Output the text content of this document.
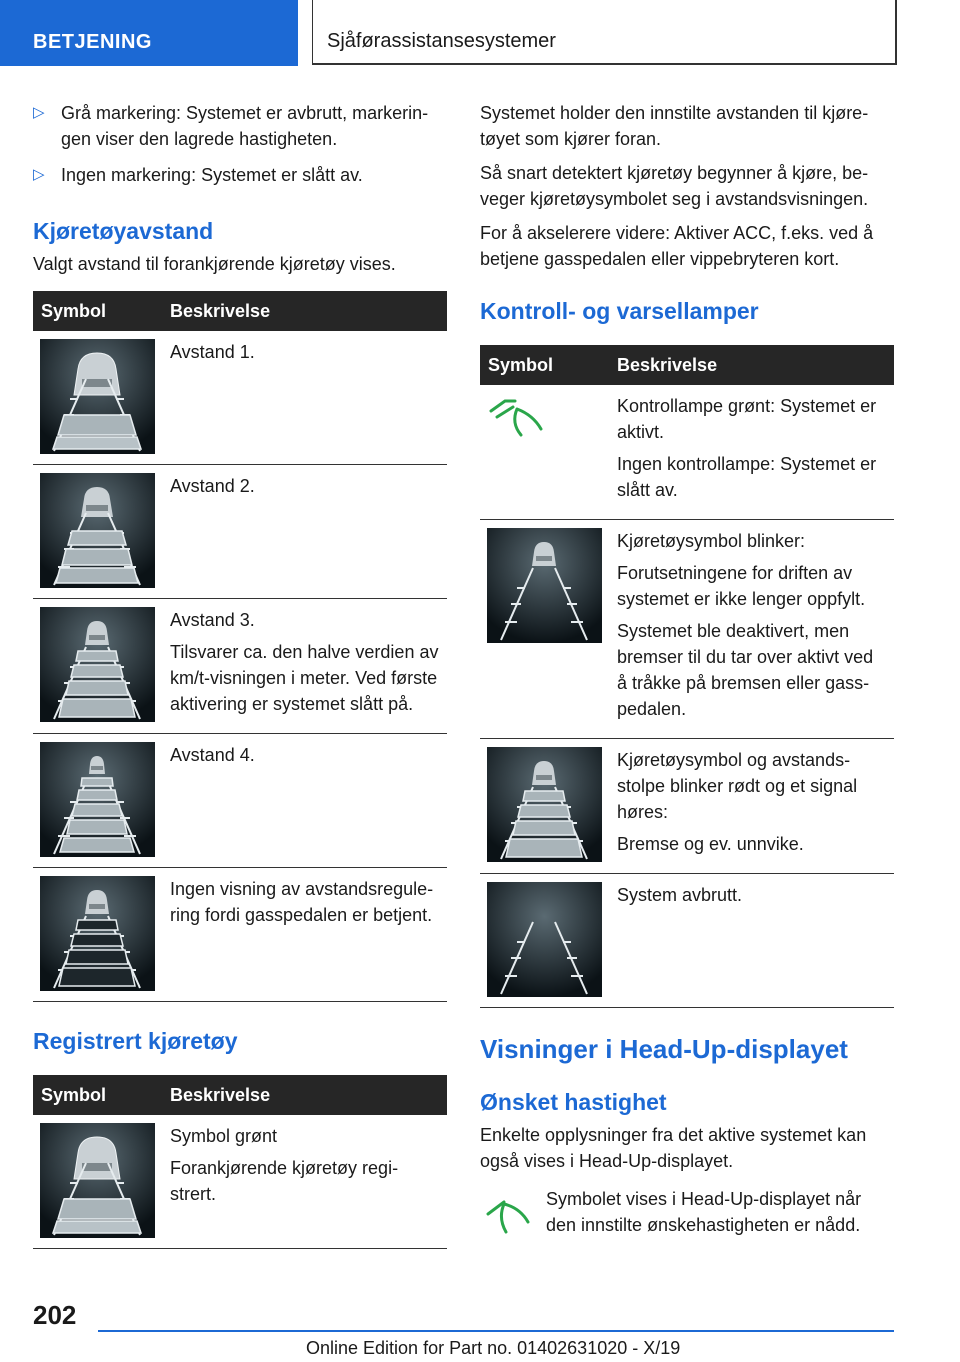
BETJENING	Sjåførassistansesystemer
▷ Grå markering: Systemet er avbrutt, markerin-gen viser den lagrede hastigheten.
▷ Ingen markering: Systemet er slått av.
Kjøretøyavstand

Valgt avstand til forankjørende kjøretøy vises.

Symbol	Beskrivelse

Avstand 1.

Avstand 2.

Avstand 3.
Tilsvarer ca. den halve verdien av km/t-visningen i meter. Ved første aktivering er systemet slått på.

Avstand 4.

Ingen visning av avstandsregule-ring fordi gasspedalen er betjent.
Registrert kjøretøy
Symbol	Beskrivelse

Symbol grønt
Forankjørende kjøretøy regi-strert.

Systemet holder den innstilte avstanden til kjøre-tøyet som kjører foran.

Så snart detektert kjøretøy begynner å kjøre, be-veger kjøretøysymbolet seg i avstandsvisningen.

For å akselerere videre: Aktiver ACC, f.eks. ved å betjene gasspedalen eller vippebryteren kort.

Kontroll- og varsellamper
Symbol	Beskrivelse

Kontrollampe grønt: Systemet er aktivt.
Ingen kontrollampe: Systemet er slått av.

Kjøretøysymbol blinker:
Forutsetningene for driften av systemet er ikke lenger oppfylt.
Systemet ble deaktivert, men bremser til du tar over aktivt ved å tråkke på bremsen eller gass-pedalen.

Kjøretøysymbol og avstands-stolpe blinker rødt og et signal høres:
Bremse og ev. unnvike.

System avbrutt.
Visninger i Head-Up-displayet
Ønsket hastighet

Enkelte opplysninger fra det aktive systemet kan også vises i Head-Up-displayet.

Symbolet vises i Head-Up-displayet når den innstilte ønskehastigheten er nådd.
202
Online Edition for Part no. 01402631020 - X/19
